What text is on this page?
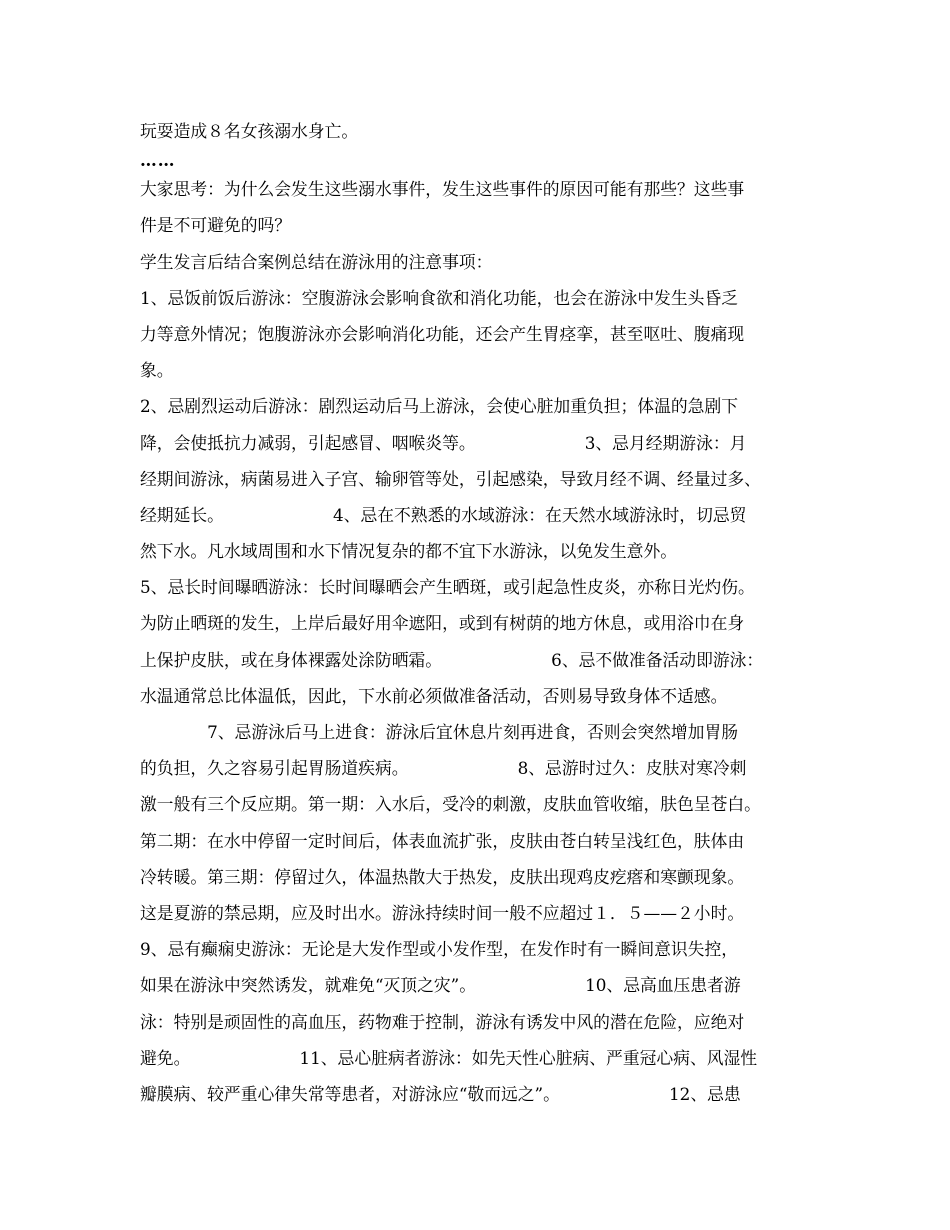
玩耍造成８名女孩溺水身亡。
……
大家思考：为什么会发生这些溺水事件，发生这些事件的原因可能有那些？这些事
件是不可避免的吗？
学生发言后结合案例总结在游泳用的注意事项：
1、忌饭前饭后游泳：空腹游泳会影响食欲和消化功能，也会在游泳中发生头昏乏
力等意外情况；饱腹游泳亦会影响消化功能，还会产生胃痉挛，甚至呕吐、腹痛现
象。
2、忌剧烈运动后游泳：剧烈运动后马上游泳，会使心脏加重负担；体温的急剧下
降，会使抵抗力减弱，引起感冒、咽喉炎等。　　　　　　　3、忌月经期游泳：月
经期间游泳，病菌易进入子宫、输卵管等处，引起感染，导致月经不调、经量过多、
经期延长。　　　　　　　4、忌在不熟悉的水域游泳：在天然水域游泳时，切忌贸
然下水。凡水域周围和水下情况复杂的都不宜下水游泳，以免发生意外。
5、忌长时间曝晒游泳：长时间曝晒会产生晒斑，或引起急性皮炎，亦称日光灼伤。
为防止晒斑的发生，上岸后最好用伞遮阳，或到有树荫的地方休息，或用浴巾在身
上保护皮肤，或在身体裸露处涂防晒霜。　　　　　　　6、忌不做准备活动即游泳：
水温通常总比体温低，因此，下水前必须做准备活动，否则易导致身体不适感。
　　　　7、忌游泳后马上进食：游泳后宜休息片刻再进食，否则会突然增加胃肠
的负担，久之容易引起胃肠道疾病。　　　　　　　8、忌游时过久：皮肤对寒冷刺
激一般有三个反应期。第一期：入水后，受冷的刺激，皮肤血管收缩，肤色呈苍白。
第二期：在水中停留一定时间后，体表血流扩张，皮肤由苍白转呈浅红色，肤体由
冷转暖。第三期：停留过久，体温热散大于热发，皮肤出现鸡皮疙瘩和寒颤现象。
这是夏游的禁忌期，应及时出水。游泳持续时间一般不应超过１．５——２小时。
9、忌有癫痫史游泳：无论是大发作型或小发作型，在发作时有一瞬间意识失控，
如果在游泳中突然诱发，就难免“灭顶之灾”。　　　　　　　10、忌高血压患者游
泳：特别是顽固性的高血压，药物难于控制，游泳有诱发中风的潜在危险，应绝对
避免。　　　　　　　11、忌心脏病者游泳：如先天性心脏病、严重冠心病、风湿性
瓣膜病、较严重心律失常等患者，对游泳应“敬而远之”。　　　　　　　12、忌患
